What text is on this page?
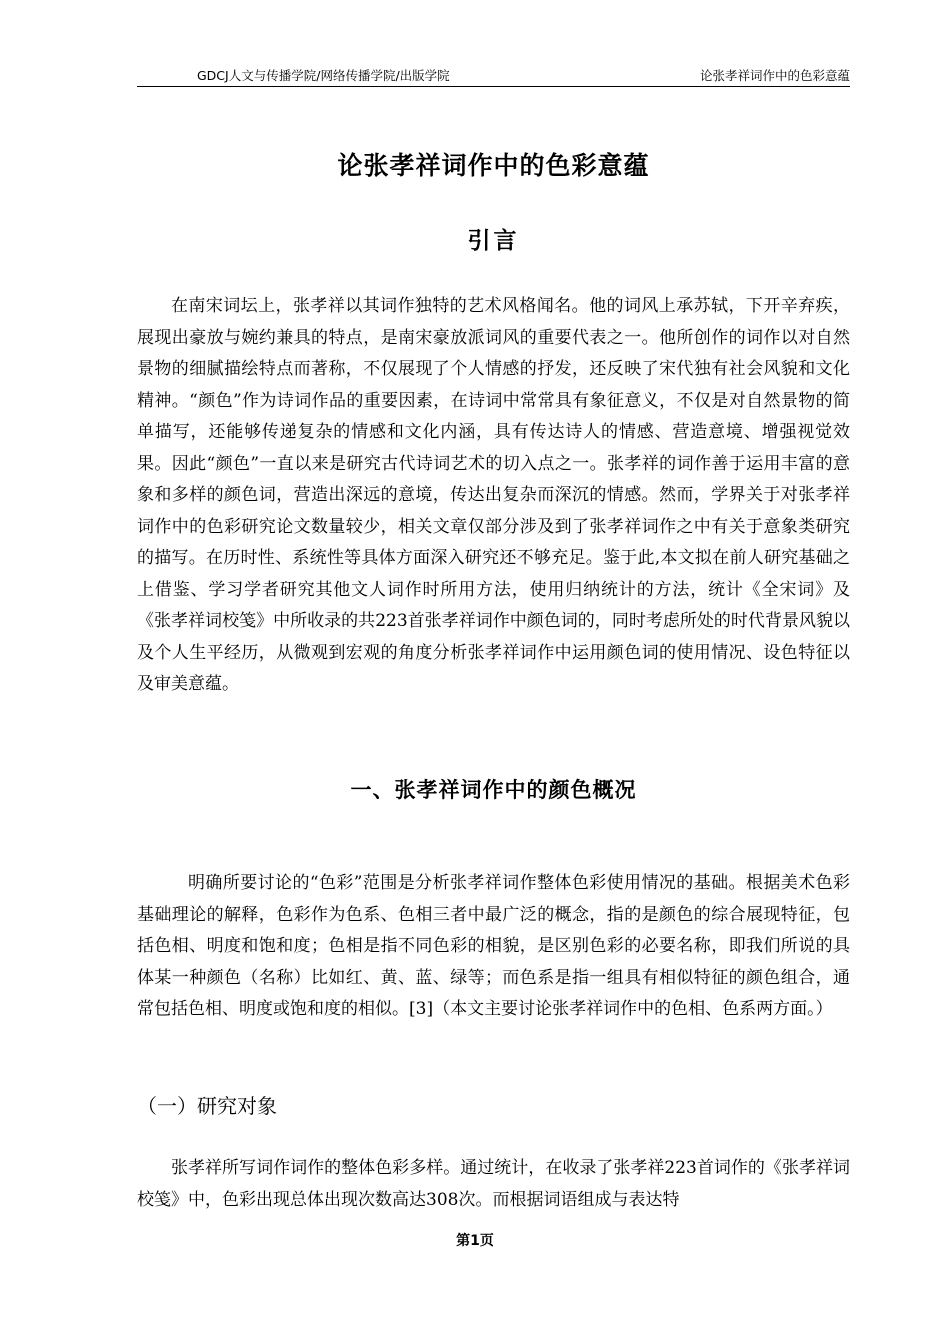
GDCJ人文与传播学院/网络传播学院/出版学院	论张孝祥词作中的色彩意蕴
论张孝祥词作中的色彩意蕴
引言

在南宋词坛上，张孝祥以其词作独特的艺术风格闻名。他的词风上承苏轼，下开辛弃疾，展现出豪放与婉约兼具的特点，是南宋豪放派词风的重要代表之一。他所创作的词作以对自然景物的细腻描绘特点而著称，不仅展现了个人情感的抒发，还反映了宋代独有社会风貌和文化精神。“颜色”作为诗词作品的重要因素，在诗词中常常具有象征意义，不仅是对自然景物的简单描写，还能够传递复杂的情感和文化内涵，具有传达诗人的情感、营造意境、增强视觉效果。因此“颜色”一直以来是研究古代诗词艺术的切入点之一。张孝祥的词作善于运用丰富的意象和多样的颜色词，营造出深远的意境，传达出复杂而深沉的情感。然而，学界关于对张孝祥词作中的色彩研究论文数量较少，相关文章仅部分涉及到了张孝祥词作之中有关于意象类研究的描写。在历时性、系统性等具体方面深入研究还不够充足。鉴于此,本文拟在前人研究基础之上借鉴、学习学者研究其他文人词作时所用方法，使用归纳统计的方法，统计《全宋词》及《张孝祥词校笺》中所收录的共223首张孝祥词作中颜色词的，同时考虑所处的时代背景风貌以及个人生平经历，从微观到宏观的角度分析张孝祥词作中运用颜色词的使用情况、设色特征以及审美意蕴。

一、张孝祥词作中的颜色概况

明确所要讨论的“色彩”范围是分析张孝祥词作整体色彩使用情况的基础。根据美术色彩基础理论的解释，色彩作为色系、色相三者中最广泛的概念，指的是颜色的综合展现特征，包括色相、明度和饱和度；色相是指不同色彩的相貌，是区别色彩的必要名称，即我们所说的具体某一种颜色（名称）比如红、黄、蓝、绿等；而色系是指一组具有相似特征的颜色组合，通常包括色相、明度或饱和度的相似。[3]（本文主要讨论张孝祥词作中的色相、色系两方面。）

（一）研究对象

张孝祥所写词作词作的整体色彩多样。通过统计，在收录了张孝祥223首词作的《张孝祥词校笺》中，色彩出现总体出现次数高达308次。而根据词语组成与表达特

第1页
